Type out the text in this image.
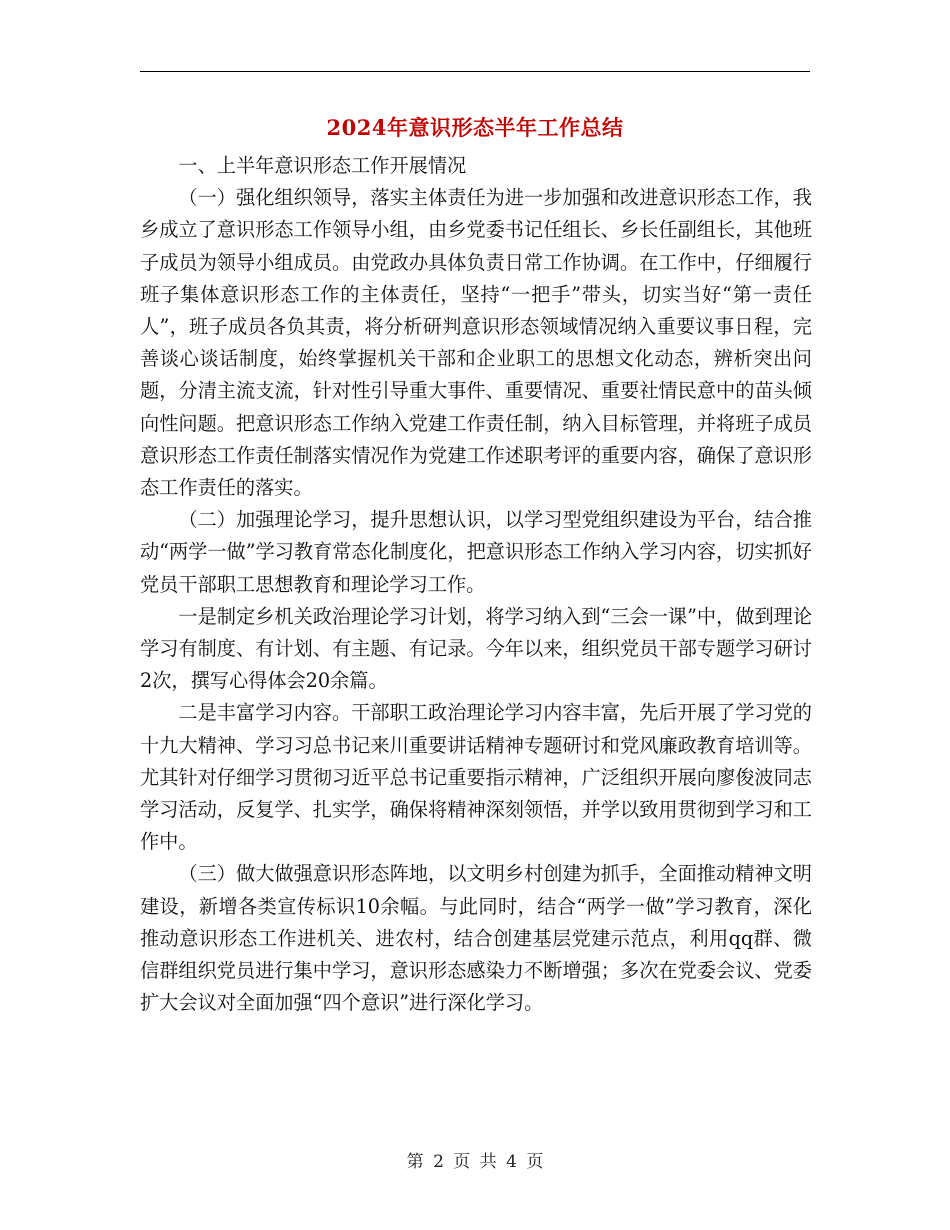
2024年意识形态半年工作总结

一、上半年意识形态工作开展情况

（一）强化组织领导，落实主体责任为进一步加强和改进意识形态工作，我乡成立了意识形态工作领导小组，由乡党委书记任组长、乡长任副组长，其他班子成员为领导小组成员。由党政办具体负责日常工作协调。在工作中，仔细履行班子集体意识形态工作的主体责任，坚持“一把手”带头，切实当好“第一责任人”，班子成员各负其责，将分析研判意识形态领域情况纳入重要议事日程，完善谈心谈话制度，始终掌握机关干部和企业职工的思想文化动态，辨析突出问题，分清主流支流，针对性引导重大事件、重要情况、重要社情民意中的苗头倾向性问题。把意识形态工作纳入党建工作责任制，纳入目标管理，并将班子成员意识形态工作责任制落实情况作为党建工作述职考评的重要内容，确保了意识形态工作责任的落实。

（二）加强理论学习，提升思想认识，以学习型党组织建设为平台，结合推动“两学一做”学习教育常态化制度化，把意识形态工作纳入学习内容，切实抓好党员干部职工思想教育和理论学习工作。

一是制定乡机关政治理论学习计划，将学习纳入到“三会一课”中，做到理论学习有制度、有计划、有主题、有记录。今年以来，组织党员干部专题学习研讨2次，撰写心得体会20余篇。

二是丰富学习内容。干部职工政治理论学习内容丰富，先后开展了学习党的十九大精神、学习习总书记来川重要讲话精神专题研讨和党风廉政教育培训等。尤其针对仔细学习贯彻习近平总书记重要指示精神，广泛组织开展向廖俊波同志学习活动，反复学、扎实学，确保将精神深刻领悟，并学以致用贯彻到学习和工作中。

（三）做大做强意识形态阵地，以文明乡村创建为抓手，全面推动精神文明建设，新增各类宣传标识10余幅。与此同时，结合“两学一做”学习教育，深化推动意识形态工作进机关、进农村，结合创建基层党建示范点，利用qq群、微信群组织党员进行集中学习，意识形态感染力不断增强；多次在党委会议、党委扩大会议对全面加强“四个意识”进行深化学习。

第 2 页 共 4 页
